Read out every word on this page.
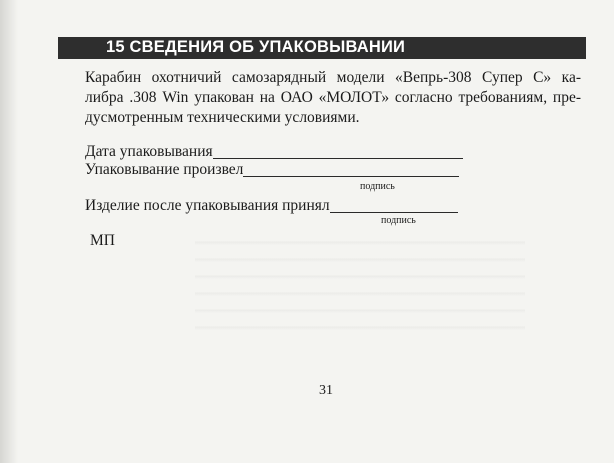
15 СВЕДЕНИЯ ОБ УПАКОВЫВАНИИ

Карабин охотничий самозарядный модели «Вепрь-308 Супер С» ка-
либра .308 Win упакован на ОАО «МОЛОТ» согласно требованиям, пре-
дусмотренным техническими условиями.

Дата упаковывания
Упаковывание произвел
подпись
Изделие после упаковывания принял
подпись
МП
31
